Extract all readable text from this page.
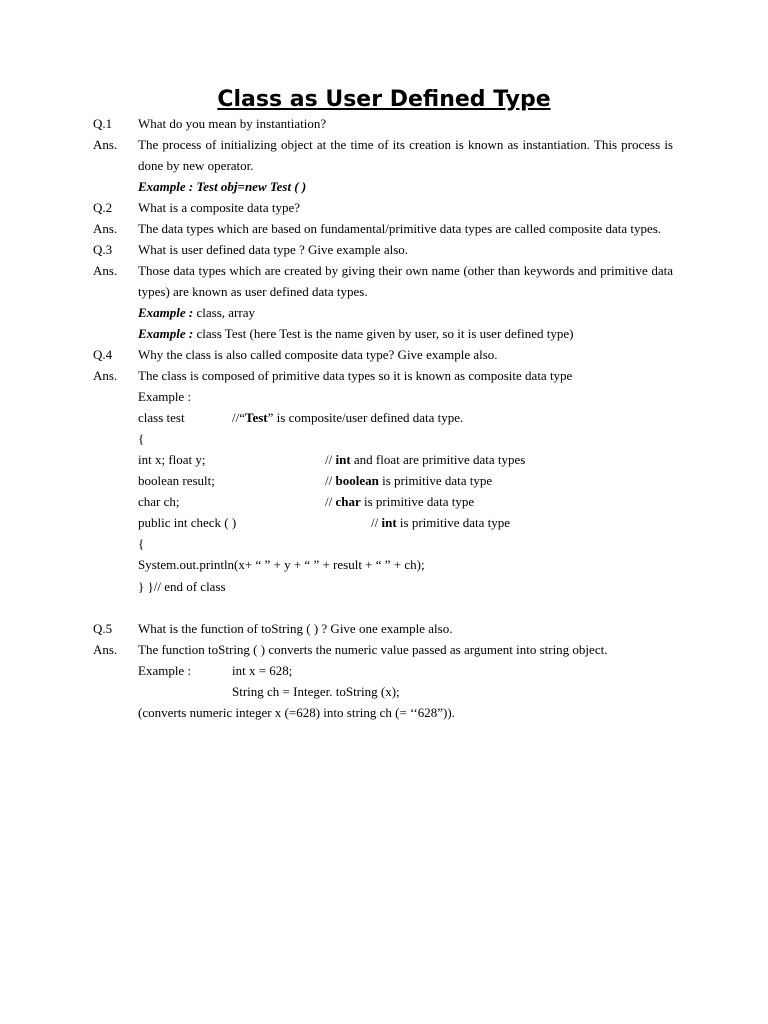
Class as User Defined Type
Q.1 What do you mean by instantiation?
Ans. The process of initializing object at the time of its creation is known as instantiation. This process is
done by new operator.
Example : Test obj=new Test ( )
Q.2 What is a composite data type?
Ans. The data types which are based on fundamental/primitive data types are called composite data types.
Q.3 What is user defined data type ? Give example also.
Ans. Those data types which are created by giving their own name (other than keywords and primitive data
types) are known as user defined data types.
Example : class, array
Example : class Test (here Test is the name given by user, so it is user defined type)
Q.4 Why the class is also called composite data type? Give example also.
Ans. The class is composed of primitive data types so it is known as composite data type
Example :
class test	//“Test” is composite/user defined data type.
{
int x; float y;	// int and float are primitive data types
boolean result;	// boolean is primitive data type
char ch;	// char is primitive data type
public int check ( )	// int is primitive data type
{
System.out.println(x+ “ ” + y + “ ” + result + “ ” + ch);
} }// end of class
Q.5 What is the function of toString ( ) ? Give one example also.
Ans. The function toString ( ) converts the numeric value passed as argument into string object.
Example :	int x = 628;
String ch = Integer. toString (x);
(converts numeric integer x (=628) into string ch (= ‘‘628”)).
